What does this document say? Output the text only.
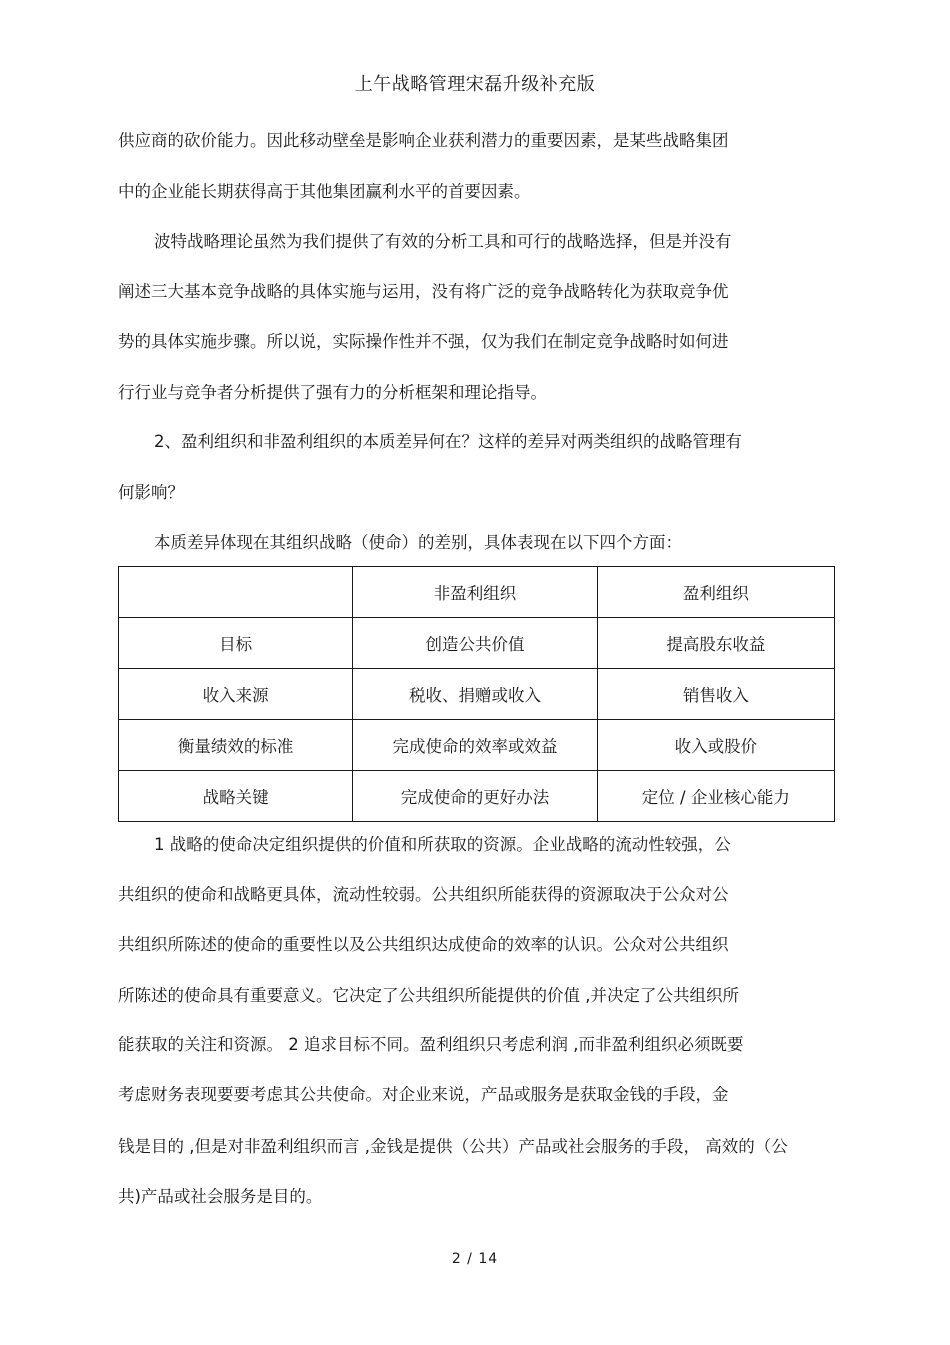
上午战略管理宋磊升级补充版
供应商的砍价能力。因此移动壁垒是影响企业获利潜力的重要因素，是某些战略集团
中的企业能长期获得高于其他集团赢利水平的首要因素。
波特战略理论虽然为我们提供了有效的分析工具和可行的战略选择，但是并没有
阐述三大基本竞争战略的具体实施与运用，没有将广泛的竞争战略转化为获取竞争优
势的具体实施步骤。所以说，实际操作性并不强，仅为我们在制定竞争战略时如何进
行行业与竞争者分析提供了强有力的分析框架和理论指导。
2、盈利组织和非盈利组织的本质差异何在？这样的差异对两类组织的战略管理有
何影响？
本质差异体现在其组织战略（使命）的差别，具体表现在以下四个方面：
	非盈利组织	盈利组织
目标	创造公共价值	提高股东收益
收入来源	税收、捐赠或收入	销售收入
衡量绩效的标准	完成使命的效率或效益	收入或股价
战略关键	完成使命的更好办法	定位 / 企业核心能力
1 战略的使命决定组织提供的价值和所获取的资源。企业战略的流动性较强，公
共组织的使命和战略更具体，流动性较弱。公共组织所能获得的资源取决于公众对公
共组织所陈述的使命的重要性以及公共组织达成使命的效率的认识。公众对公共组织
所陈述的使命具有重要意义。它决定了公共组织所能提供的价值 ,并决定了公共组织所
能获取的关注和资源。 2 追求目标不同。盈利组织只考虑利润 ,而非盈利组织必须既要
考虑财务表现要要考虑其公共使命。对企业来说，产品或服务是获取金钱的手段，金
钱是目的 ,但是对非盈利组织而言 ,金钱是提供（公共）产品或社会服务的手段， 高效的（公
共)产品或社会服务是目的。
2 / 14
